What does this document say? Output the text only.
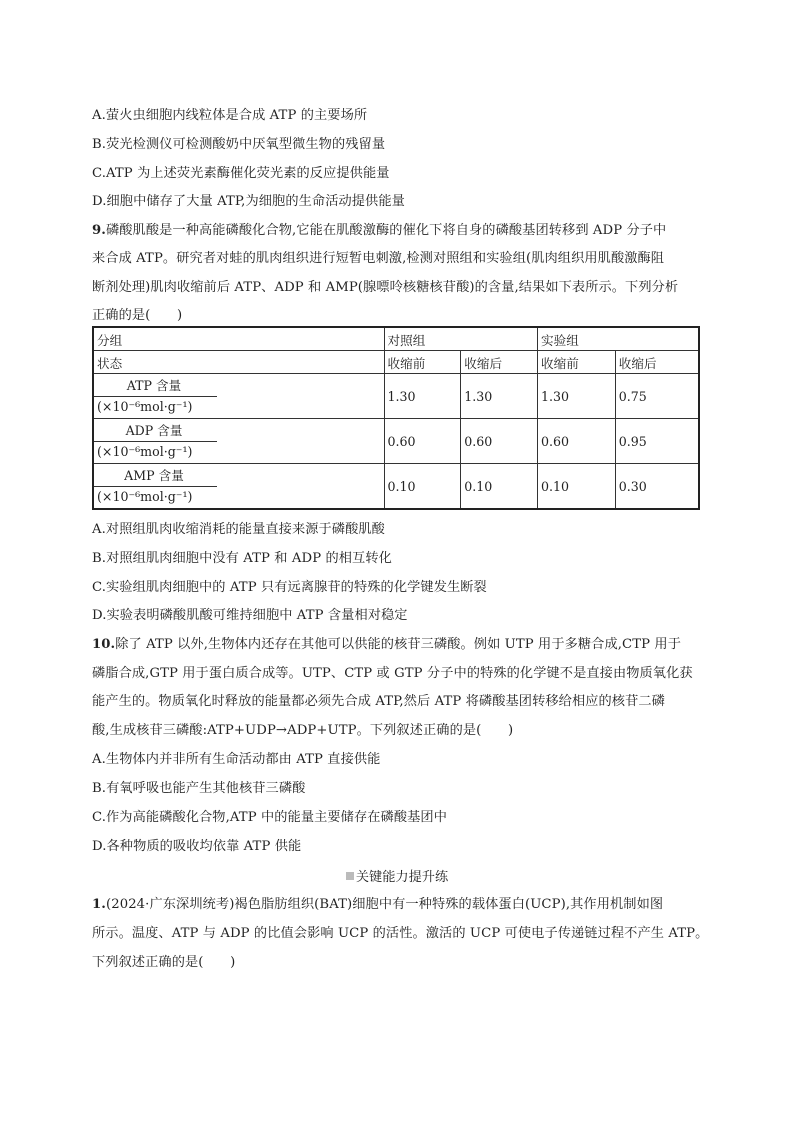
A.萤火虫细胞内线粒体是合成 ATP 的主要场所
B.荧光检测仪可检测酸奶中厌氧型微生物的残留量
C.ATP 为上述荧光素酶催化荧光素的反应提供能量
D.细胞中储存了大量 ATP,为细胞的生命活动提供能量
9.磷酸肌酸是一种高能磷酸化合物,它能在肌酸激酶的催化下将自身的磷酸基团转移到 ADP 分子中
来合成 ATP。研究者对蛙的肌肉组织进行短暂电刺激,检测对照组和实验组(肌肉组织用肌酸激酶阻
断剂处理)肌肉收缩前后 ATP、ADP 和 AMP(腺嘌呤核糖核苷酸)的含量,结果如下表所示。下列分析
正确的是(　　)
分组	对照组		实验组	
状态	收缩前	收缩后	收缩前	收缩后

ATP 含量
(×10⁻⁶mol·g⁻¹)	1.30	1.30	1.30	0.75

ADP 含量
(×10⁻⁶mol·g⁻¹)	0.60	0.60	0.60	0.95

AMP 含量
(×10⁻⁶mol·g⁻¹)	0.10	0.10	0.10	0.30
A.对照组肌肉收缩消耗的能量直接来源于磷酸肌酸
B.对照组肌肉细胞中没有 ATP 和 ADP 的相互转化
C.实验组肌肉细胞中的 ATP 只有远离腺苷的特殊的化学键发生断裂
D.实验表明磷酸肌酸可维持细胞中 ATP 含量相对稳定
10.除了 ATP 以外,生物体内还存在其他可以供能的核苷三磷酸。例如 UTP 用于多糖合成,CTP 用于
磷脂合成,GTP 用于蛋白质合成等。UTP、CTP 或 GTP 分子中的特殊的化学键不是直接由物质氧化获
能产生的。物质氧化时释放的能量都必须先合成 ATP,然后 ATP 将磷酸基团转移给相应的核苷二磷
酸,生成核苷三磷酸:ATP+UDP→ADP+UTP。下列叙述正确的是(　　)
A.生物体内并非所有生命活动都由 ATP 直接供能
B.有氧呼吸也能产生其他核苷三磷酸
C.作为高能磷酸化合物,ATP 中的能量主要储存在磷酸基团中
D.各种物质的吸收均依靠 ATP 供能
关键能力提升练
1.(2024·广东深圳统考)褐色脂肪组织(BAT)细胞中有一种特殊的载体蛋白(UCP),其作用机制如图
所示。温度、ATP 与 ADP 的比值会影响 UCP 的活性。激活的 UCP 可使电子传递链过程不产生 ATP。
下列叙述正确的是(　　)
